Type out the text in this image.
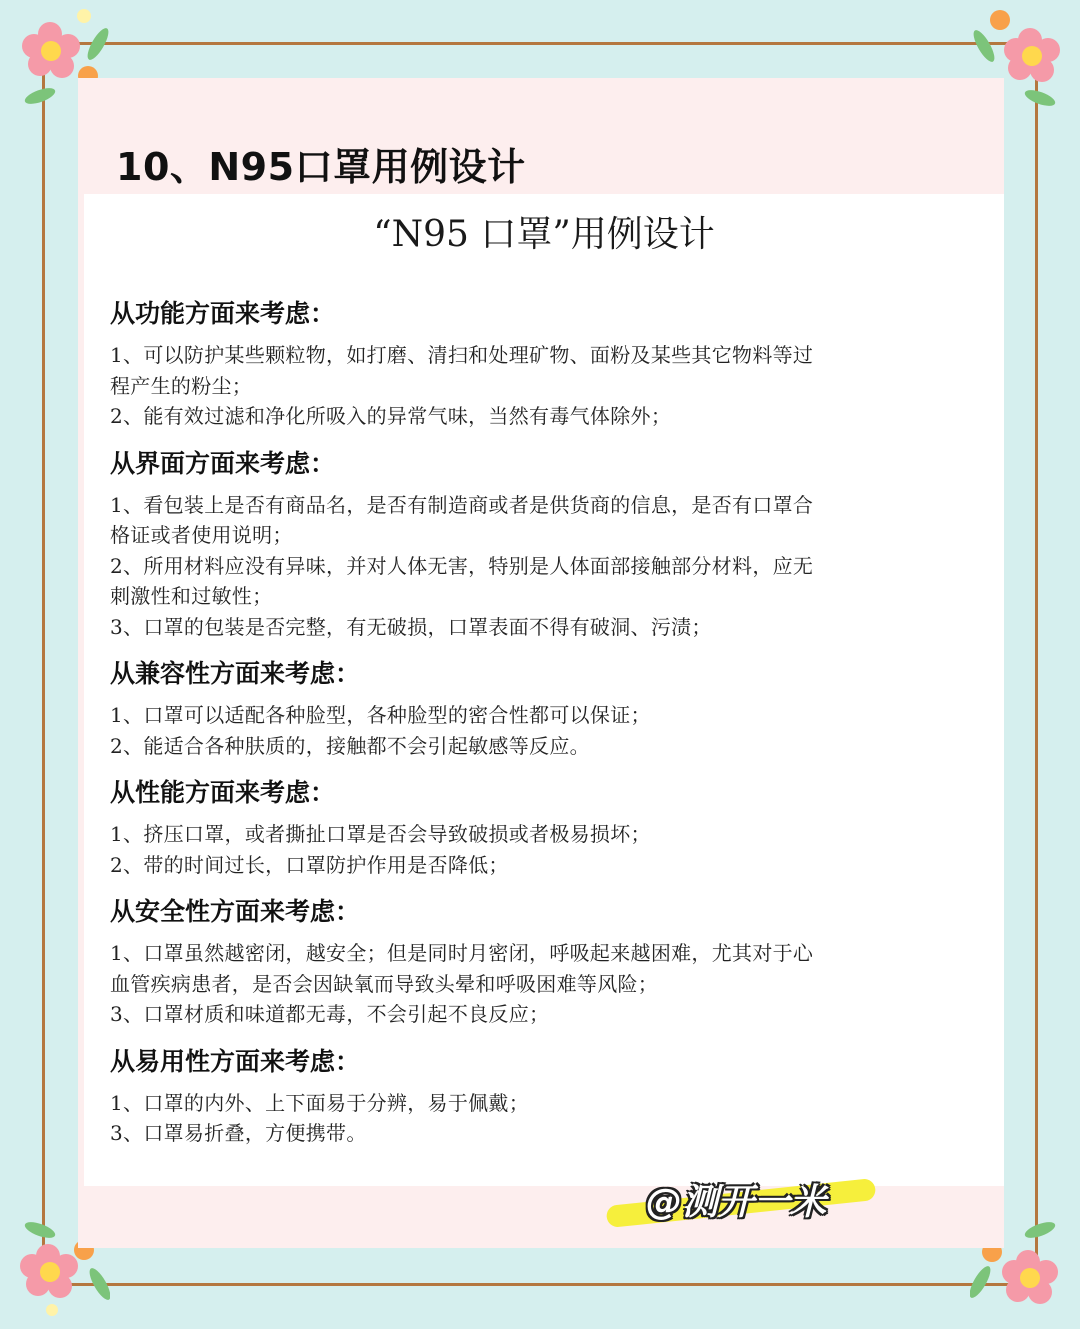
10、N95口罩用例设计
“N95 口罩”用例设计
从功能方面来考虑：
1、可以防护某些颗粒物，如打磨、清扫和处理矿物、面粉及某些其它物料等过
程产生的粉尘；
2、能有效过滤和净化所吸入的异常气味，当然有毒气体除外；
从界面方面来考虑：
1、看包装上是否有商品名，是否有制造商或者是供货商的信息，是否有口罩合
格证或者使用说明；
2、所用材料应没有异味，并对人体无害，特别是人体面部接触部分材料，应无
刺激性和过敏性；
3、口罩的包装是否完整，有无破损，口罩表面不得有破洞、污渍；
从兼容性方面来考虑：
1、口罩可以适配各种脸型，各种脸型的密合性都可以保证；
2、能适合各种肤质的，接触都不会引起敏感等反应。
从性能方面来考虑：
1、挤压口罩，或者撕扯口罩是否会导致破损或者极易损坏；
2、带的时间过长，口罩防护作用是否降低；
从安全性方面来考虑：
1、口罩虽然越密闭，越安全；但是同时月密闭，呼吸起来越困难，尤其对于心
血管疾病患者，是否会因缺氧而导致头晕和呼吸困难等风险；
3、口罩材质和味道都无毒，不会引起不良反应；
从易用性方面来考虑：
1、口罩的内外、上下面易于分辨，易于佩戴；
3、口罩易折叠，方便携带。
@测开一米
